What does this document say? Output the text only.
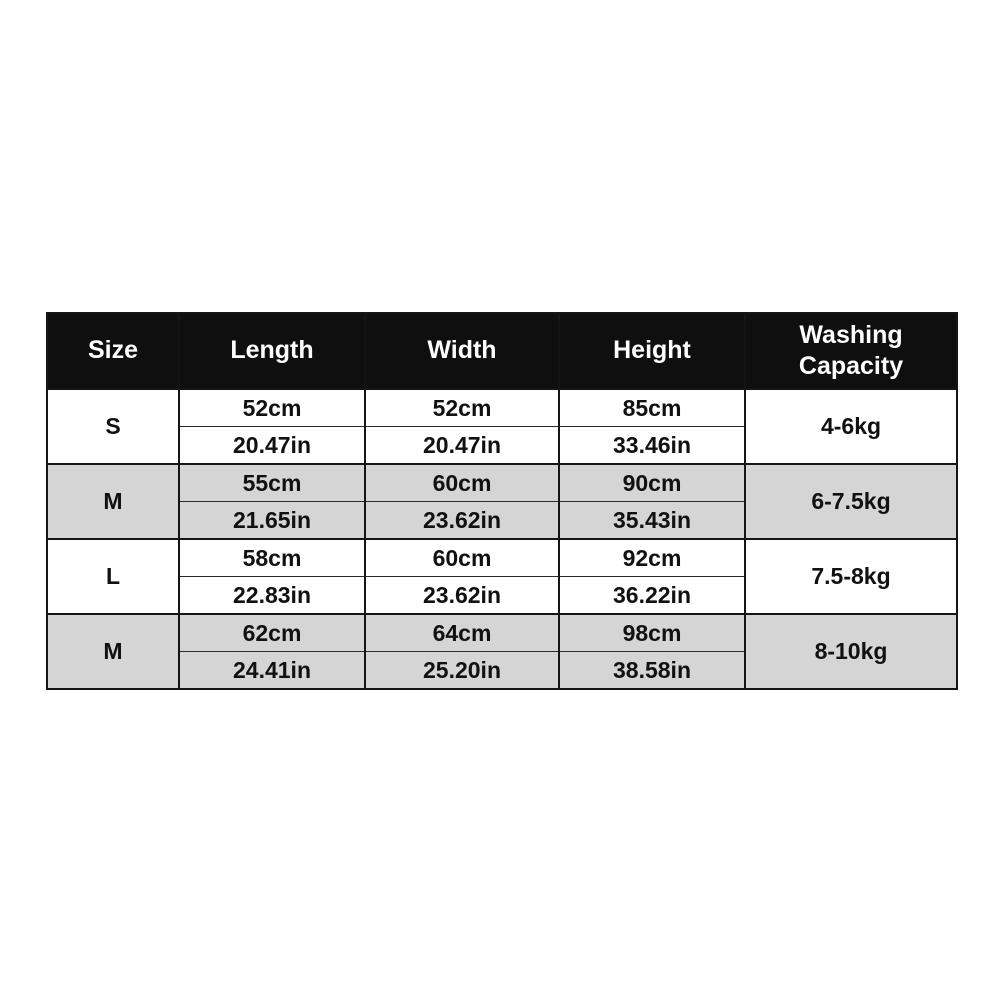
Size	Length	Width	Height	Washing Capacity
S	52cm	52cm	85cm	4-6kg
	20.47in	20.47in	33.46in	
M	55cm	60cm	90cm	6-7.5kg
	21.65in	23.62in	35.43in	
L	58cm	60cm	92cm	7.5-8kg
	22.83in	23.62in	36.22in	
M	62cm	64cm	98cm	8-10kg
	24.41in	25.20in	38.58in	
